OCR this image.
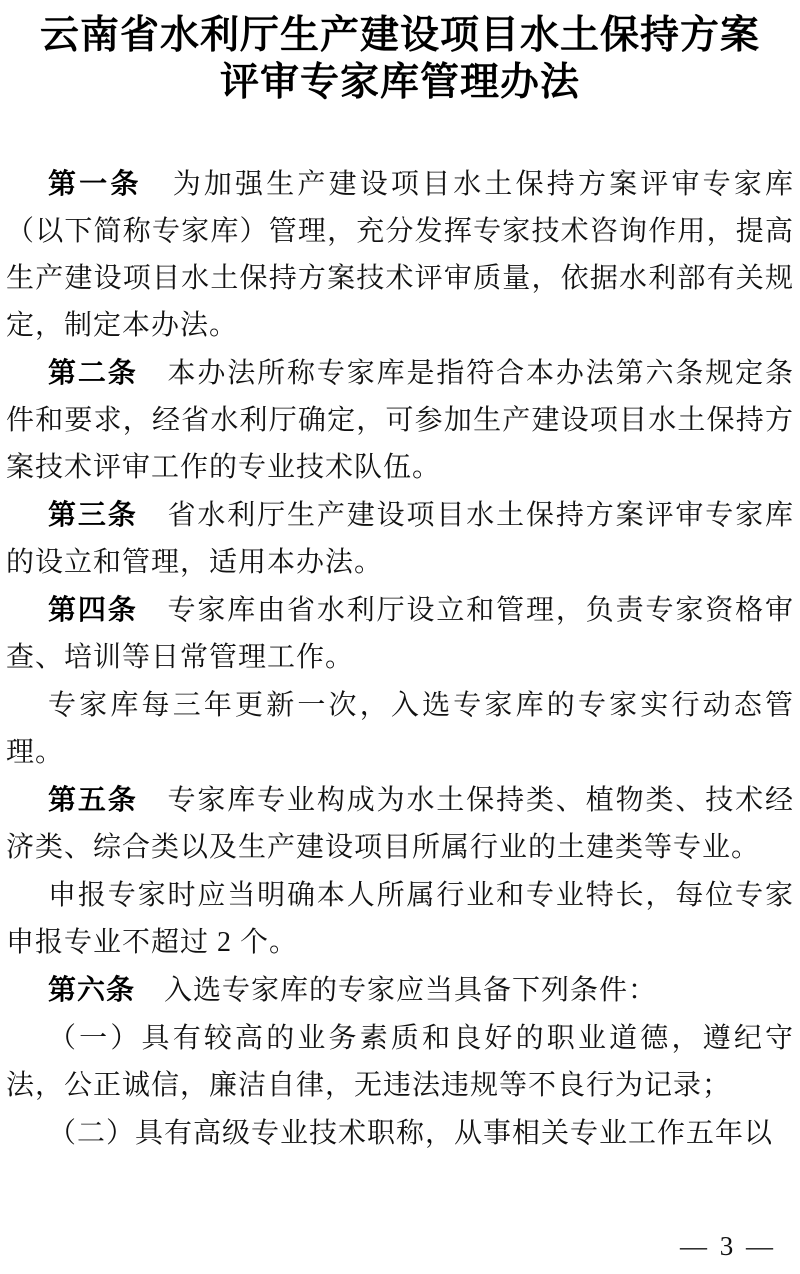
云南省水利厅生产建设项目水土保持方案
评审专家库管理办法

第一条　为加强生产建设项目水土保持方案评审专家库（以下简称专家库）管理，充分发挥专家技术咨询作用，提高生产建设项目水土保持方案技术评审质量，依据水利部有关规定，制定本办法。

第二条　本办法所称专家库是指符合本办法第六条规定条件和要求，经省水利厅确定，可参加生产建设项目水土保持方案技术评审工作的专业技术队伍。

第三条　省水利厅生产建设项目水土保持方案评审专家库的设立和管理，适用本办法。

第四条　专家库由省水利厅设立和管理，负责专家资格审查、培训等日常管理工作。

专家库每三年更新一次，入选专家库的专家实行动态管理。

第五条　专家库专业构成为水土保持类、植物类、技术经济类、综合类以及生产建设项目所属行业的土建类等专业。

申报专家时应当明确本人所属行业和专业特长，每位专家申报专业不超过 2 个。

第六条　入选专家库的专家应当具备下列条件：

（一）具有较高的业务素质和良好的职业道德，遵纪守法，公正诚信，廉洁自律，无违法违规等不良行为记录；

（二）具有高级专业技术职称，从事相关专业工作五年以

— 3 —
